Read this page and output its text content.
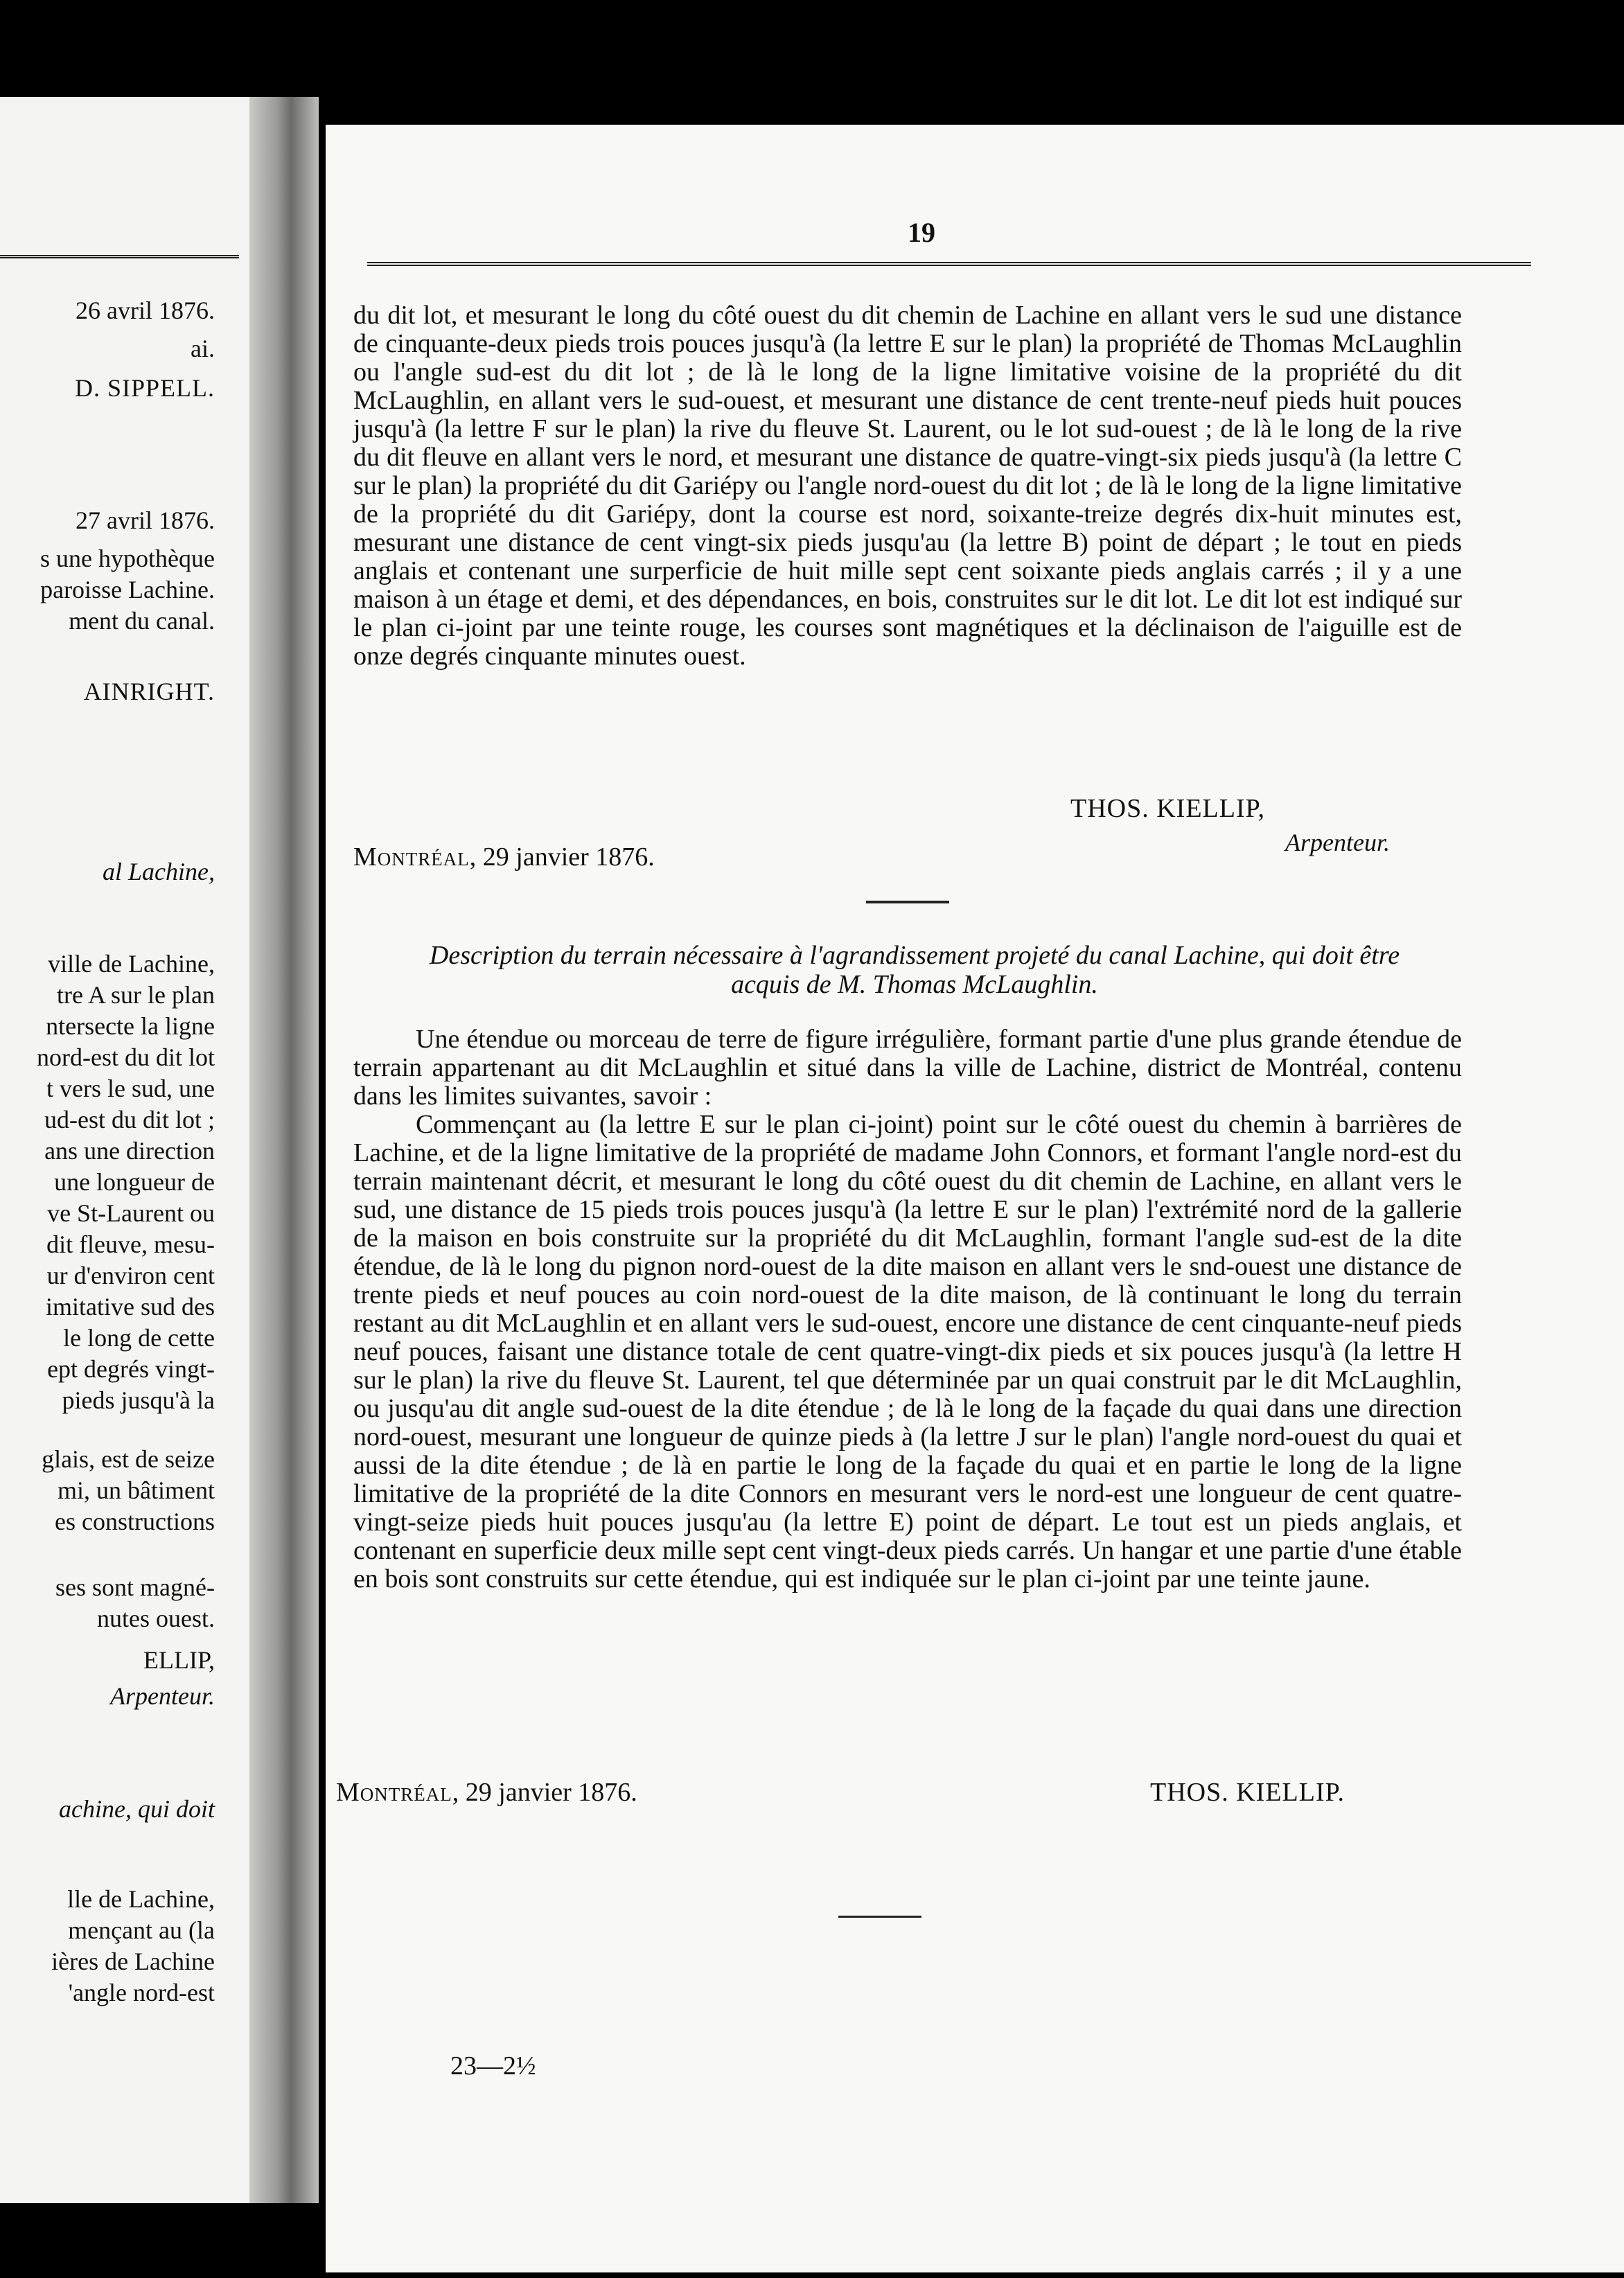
26 avril 1876.
ai.
D. SIPPELL.
27 avril 1876.
s une hypothèque
paroisse Lachine.
ment du canal.
AINRIGHT.
al Lachine,
ville de Lachine,
tre A sur le plan
ntersecte la ligne
nord-est du dit lot
t vers le sud, une
ud-est du dit lot ;
ans une direction
une longueur de
ve St-Laurent ou
dit fleuve, mesu-
ur d'environ cent
imitative sud des
le long de cette
ept degrés vingt-
pieds jusqu'à la
glais, est de seize
mi, un bâtiment
es constructions
ses sont magné-
nutes ouest.
ELLIP,
Arpenteur.
achine, qui doit
lle de Lachine,
mençant au (la
ières de Lachine
'angle nord-est
19

du dit lot, et mesurant le long du côté ouest du dit chemin de Lachine en allant vers le sud une distance de cinquante-deux pieds trois pouces jusqu'à (la lettre E sur le plan) la propriété de Thomas McLaughlin ou l'angle sud-est du dit lot ; de là le long de la ligne limitative voisine de la propriété du dit McLaughlin, en allant vers le sud-ouest, et mesurant une distance de cent trente-neuf pieds huit pouces jusqu'à (la lettre F sur le plan) la rive du fleuve St. Laurent, ou le lot sud-ouest ; de là le long de la rive du dit fleuve en allant vers le nord, et mesurant une distance de quatre-vingt-six pieds jusqu'à (la lettre C sur le plan) la propriété du dit Gariépy ou l'angle nord-ouest du dit lot ; de là le long de la ligne limitative de la propriété du dit Gariépy, dont la course est nord, soixante-treize degrés dix-huit minutes est, mesurant une distance de cent vingt-six pieds jusqu'au (la lettre B) point de départ ; le tout en pieds anglais et contenant une surperficie de huit mille sept cent soixante pieds anglais carrés ; il y a une maison à un étage et demi, et des dépendances, en bois, construites sur le dit lot. Le dit lot est indiqué sur le plan ci-joint par une teinte rouge, les courses sont magnétiques et la déclinaison de l'aiguille est de onze degrés cinquante minutes ouest.

THOS. KIELLIP,
Arpenteur.
Montréal, 29 janvier 1876.
Description du terrain nécessaire à l'agrandissement projeté du canal Lachine, qui doit être
acquis de M. Thomas McLaughlin.

Une étendue ou morceau de terre de figure irrégulière, formant partie d'une plus grande étendue de terrain appartenant au dit McLaughlin et situé dans la ville de Lachine, district de Montréal, contenu dans les limites suivantes, savoir :

Commençant au (la lettre E sur le plan ci-joint) point sur le côté ouest du chemin à barrières de Lachine, et de la ligne limitative de la propriété de madame John Connors, et formant l'angle nord-est du terrain maintenant décrit, et mesurant le long du côté ouest du dit chemin de Lachine, en allant vers le sud, une distance de 15 pieds trois pouces jusqu'à (la lettre E sur le plan) l'extrémité nord de la gallerie de la maison en bois construite sur la propriété du dit McLaughlin, formant l'angle sud-est de la dite étendue, de là le long du pignon nord-ouest de la dite maison en allant vers le snd-ouest une distance de trente pieds et neuf pouces au coin nord-ouest de la dite maison, de là continuant le long du terrain restant au dit McLaughlin et en allant vers le sud-ouest, encore une distance de cent cinquante-neuf pieds neuf pouces, faisant une distance totale de cent quatre-vingt-dix pieds et six pouces jusqu'à (la lettre H sur le plan) la rive du fleuve St. Laurent, tel que déterminée par un quai construit par le dit McLaughlin, ou jusqu'au dit angle sud-ouest de la dite étendue ; de là le long de la façade du quai dans une direction nord-ouest, mesurant une longueur de quinze pieds à (la lettre J sur le plan) l'angle nord-ouest du quai et aussi de la dite étendue ; de là en partie le long de la façade du quai et en partie le long de la ligne limitative de la propriété de la dite Connors en mesurant vers le nord-est une longueur de cent quatre-vingt-seize pieds huit pouces jusqu'au (la lettre E) point de départ. Le tout est un pieds anglais, et contenant en superficie deux mille sept cent vingt-deux pieds carrés. Un hangar et une partie d'une étable en bois sont construits sur cette étendue, qui est indiquée sur le plan ci-joint par une teinte jaune.

Montréal, 29 janvier 1876.	THOS. KIELLIP.
23—2½
